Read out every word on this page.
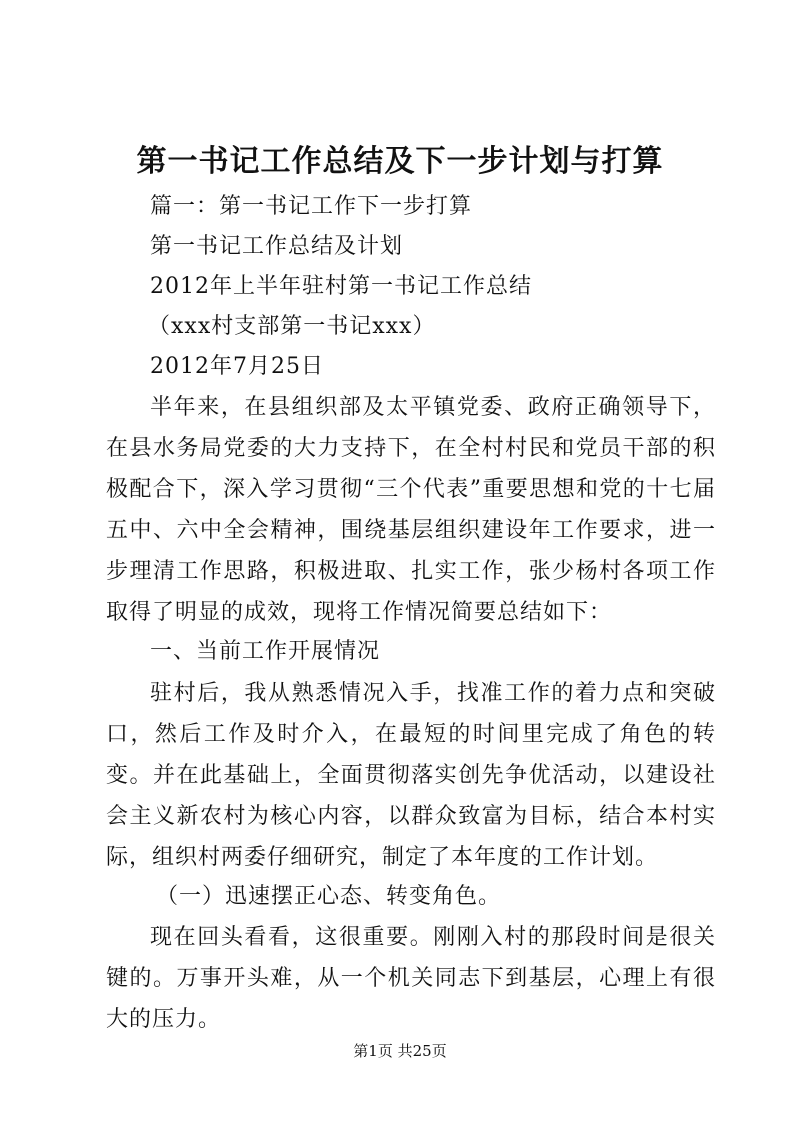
第一书记工作总结及下一步计划与打算
篇一：第一书记工作下一步打算
第一书记工作总结及计划
2012年上半年驻村第一书记工作总结
（xxx村支部第一书记xxx）
2012年7月25日
半年来，在县组织部及太平镇党委、政府正确领导下，在县水务局党委的大力支持下，在全村村民和党员干部的积极配合下，深入学习贯彻“三个代表”重要思想和党的十七届五中、六中全会精神，围绕基层组织建设年工作要求，进一步理清工作思路，积极进取、扎实工作，张少杨村各项工作取得了明显的成效，现将工作情况简要总结如下：
一、当前工作开展情况
驻村后，我从熟悉情况入手，找准工作的着力点和突破口，然后工作及时介入，在最短的时间里完成了角色的转变。并在此基础上，全面贯彻落实创先争优活动，以建设社会主义新农村为核心内容，以群众致富为目标，结合本村实际，组织村两委仔细研究，制定了本年度的工作计划。
（一）迅速摆正心态、转变角色。
现在回头看看，这很重要。刚刚入村的那段时间是很关键的。万事开头难，从一个机关同志下到基层，心理上有很大的压力。
第1页 共25页
